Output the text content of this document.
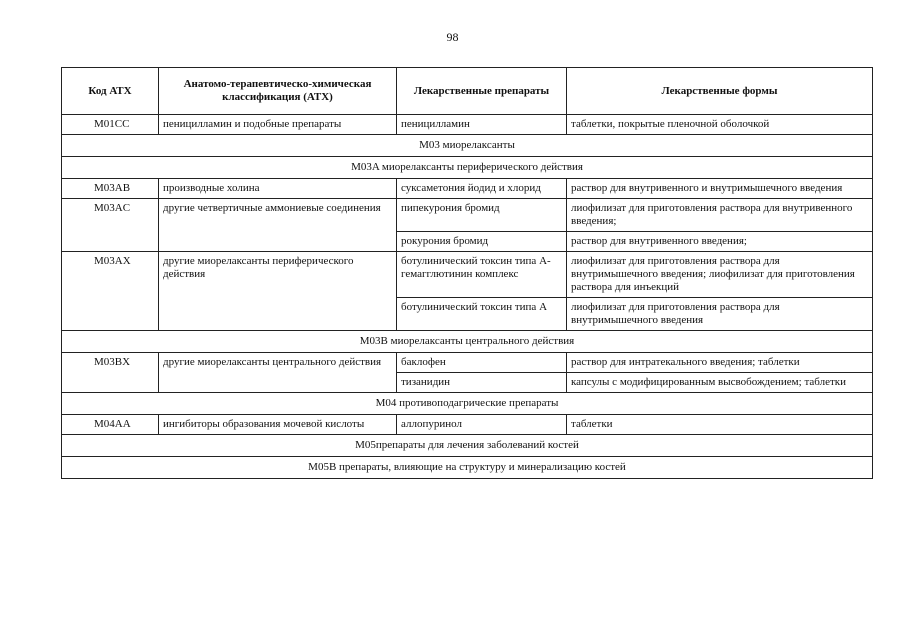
98
Код АТХ	Анатомо-терапевтическо-химическая классификация (АТХ)	Лекарственные препараты	Лекарственные формы
M01CC	пеницилламин и подобные препараты	пеницилламин	таблетки, покрытые пленочной оболочкой
M03 миорелаксанты			
M03A миорелаксанты периферического действия			
M03AB	производные холина	суксаметония йодид и хлорид	раствор для внутривенного и внутримышечного введения
M03AC	другие четвертичные аммониевые соединения	пипекурония бромид	лиофилизат для приготовления раствора для внутривенного введения;
		рокурония бромид	раствор для внутривенного введения;
M03AX	другие миорелаксанты периферического действия	ботулинический токсин типа А-гемагглютинин комплекс	лиофилизат для приготовления раствора для внутримышечного введения; лиофилизат для приготовления
раствора для инъекций

		ботулинический токсин типа А	лиофилизат для приготовления раствора для внутримышечного введения
M03B миорелаксанты центрального действия			
M03BX	другие миорелаксанты центрального действия	баклофен	раствор для интратекального введения; таблетки
		тизанидин	капсулы с модифицированным высвобождением; таблетки
M04 противоподагрические препараты			
M04AA	ингибиторы образования мочевой кислоты	аллопуринол	таблетки
M05препараты для лечения заболеваний костей			
M05B препараты, влияющие на структуру и минерализацию костей			
